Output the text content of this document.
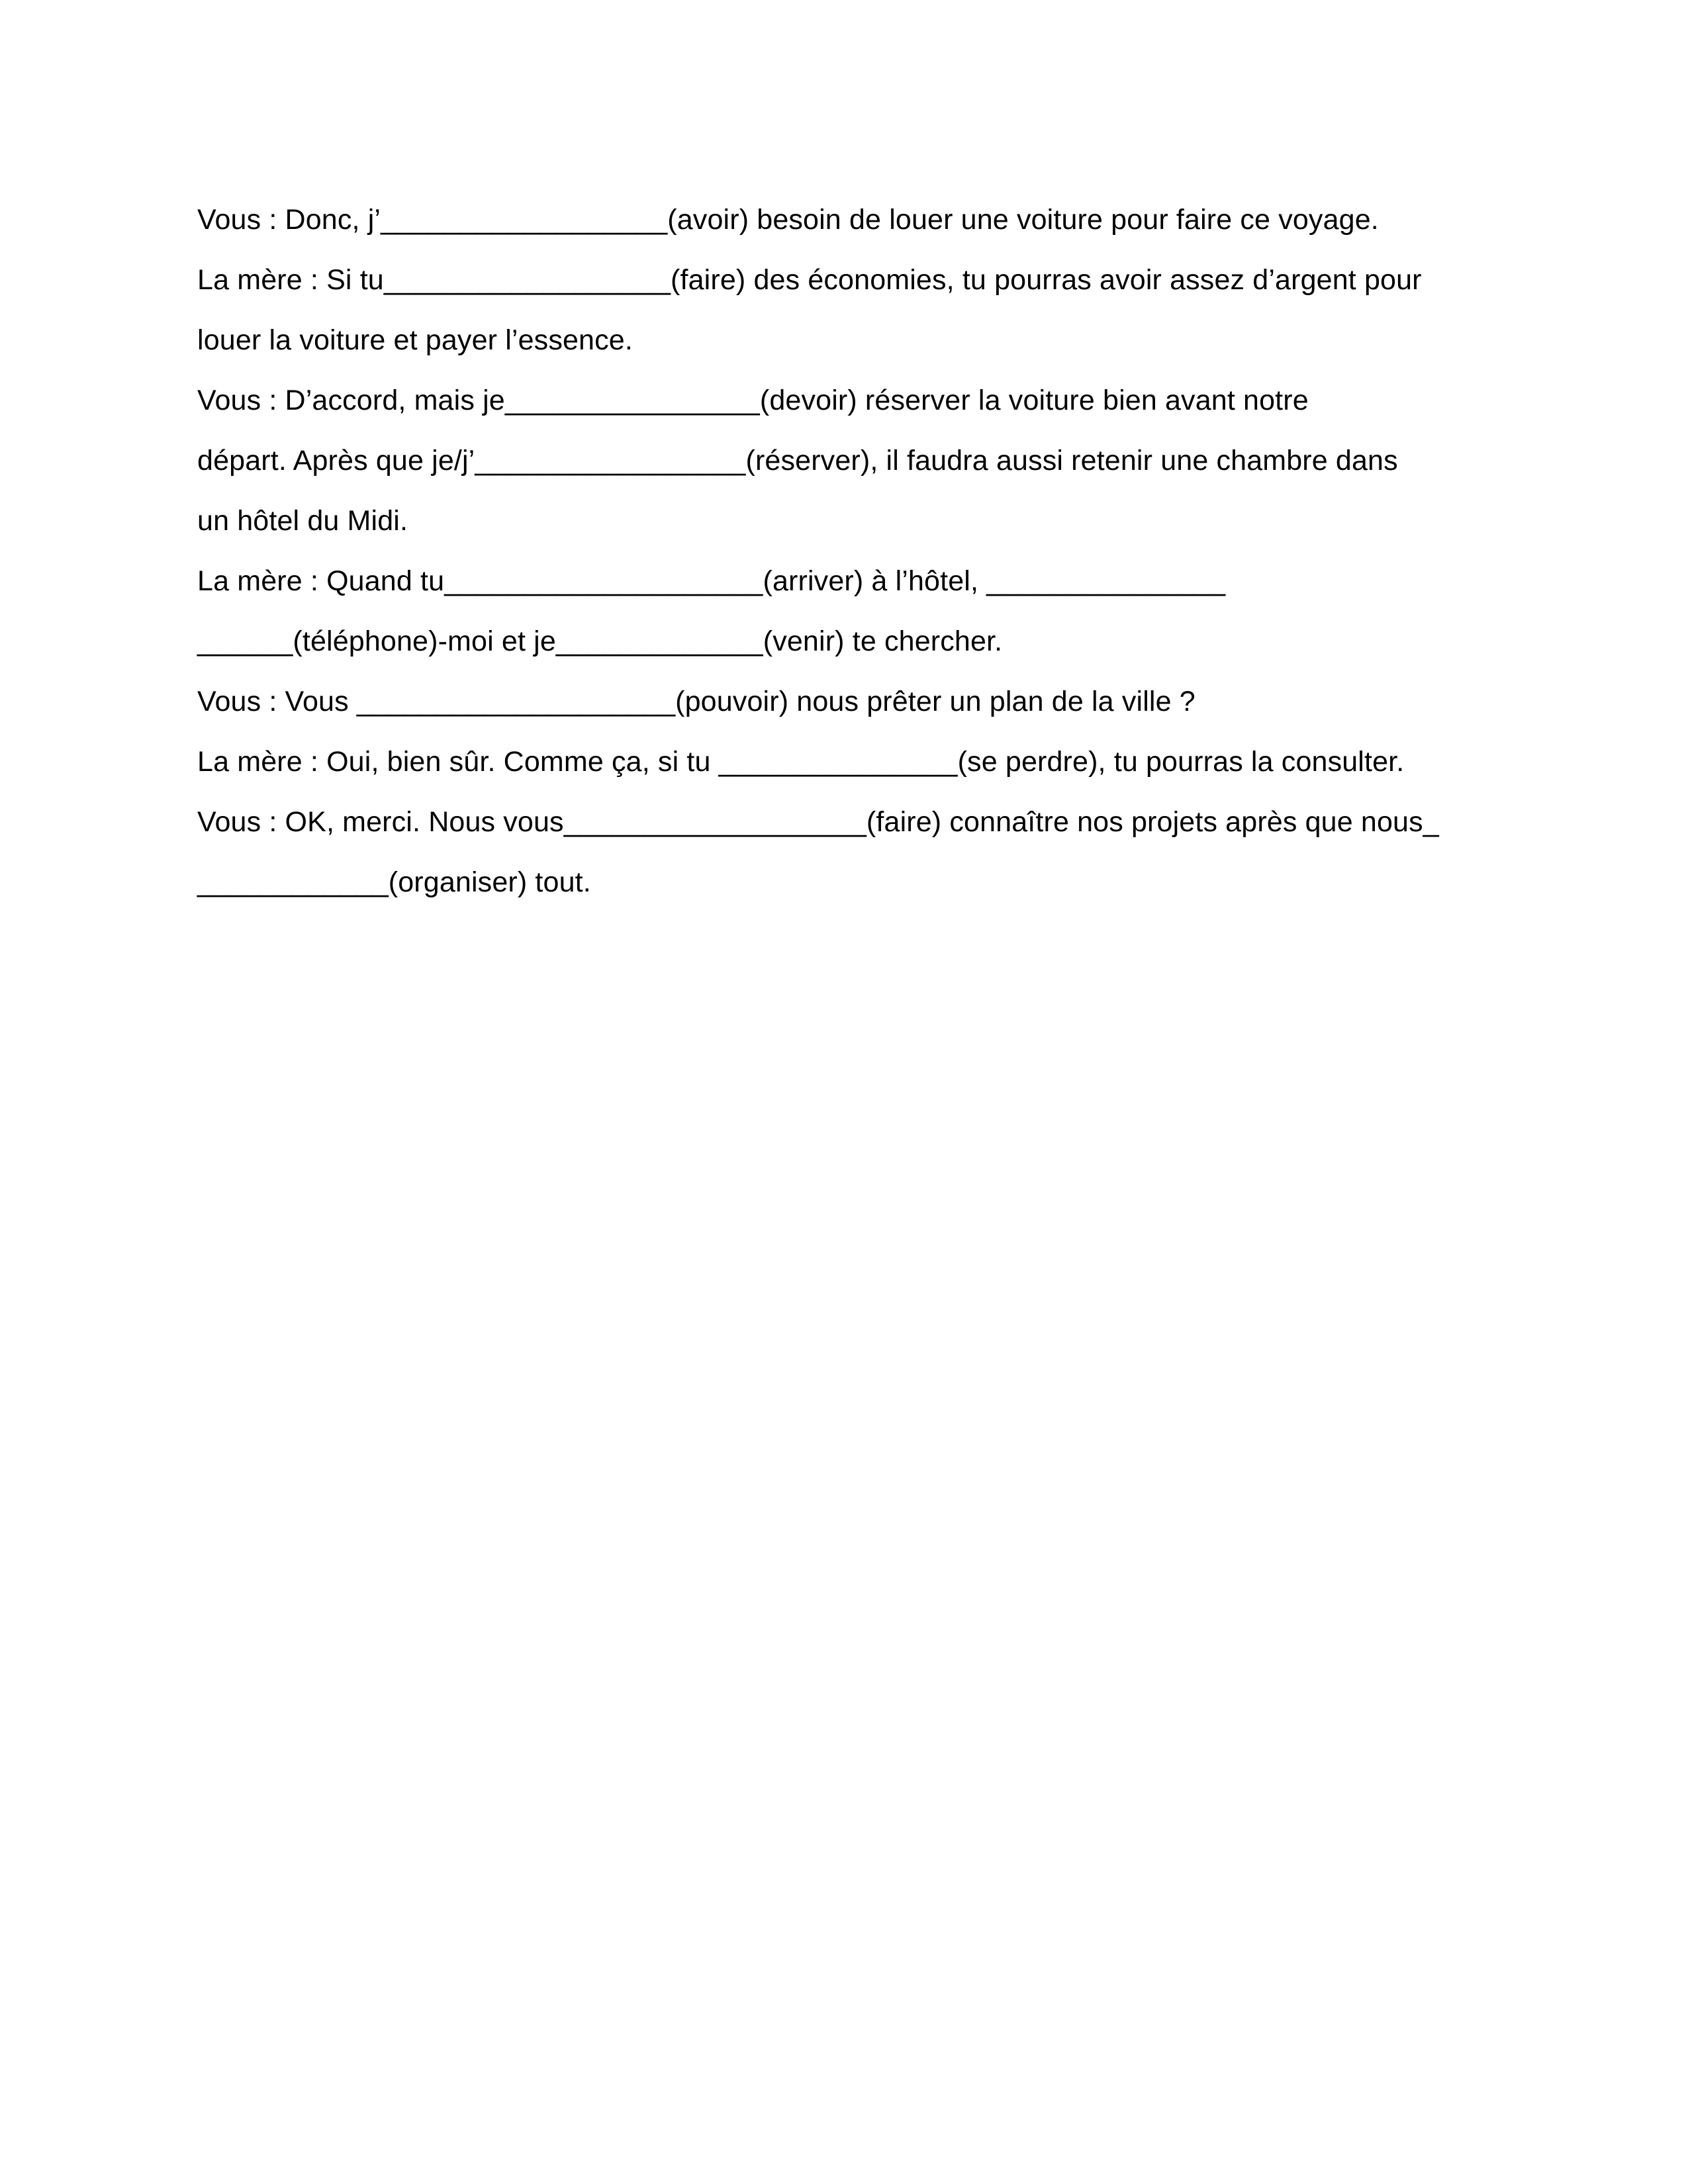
Vous : Donc, j’__________________(avoir) besoin de louer une voiture pour faire ce voyage.
La mère : Si tu__________________(faire) des économies, tu pourras avoir assez d’argent pour
louer la voiture et payer l’essence.
Vous : D’accord, mais je________________(devoir) réserver la voiture bien avant notre
départ. Après que je/j’_________________(réserver), il faudra aussi retenir une chambre dans
un hôtel du Midi.
La mère : Quand tu____________________(arriver) à l’hôtel, _______________
______(téléphone)-moi et je_____________(venir) te chercher.
Vous : Vous ____________________(pouvoir) nous prêter un plan de la ville ?
La mère : Oui, bien sûr. Comme ça, si tu _______________(se perdre), tu pourras la consulter.
Vous : OK, merci. Nous vous___________________(faire) connaître nos projets après que nous_
____________(organiser) tout.
